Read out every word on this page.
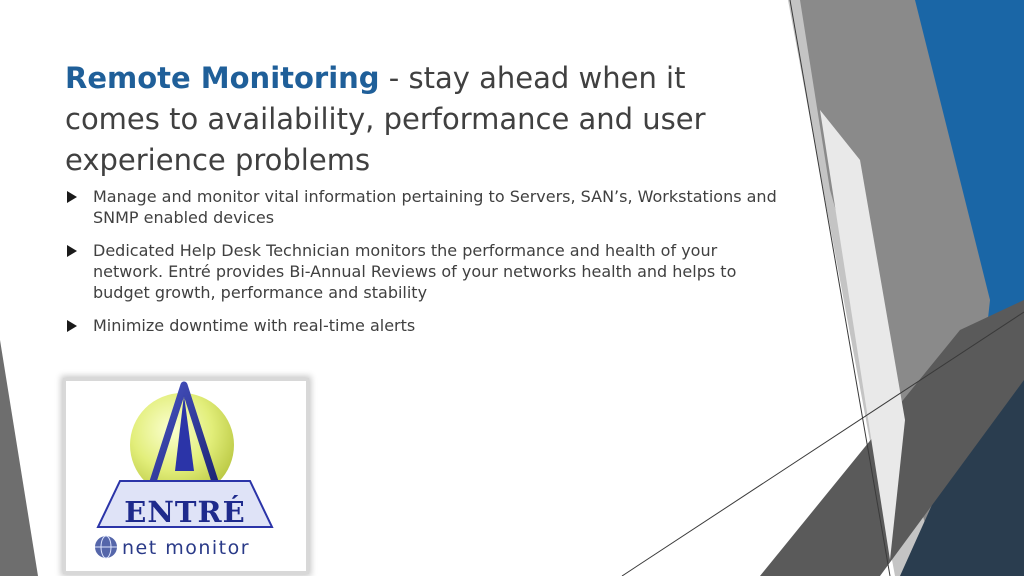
Remote Monitoring - stay ahead when it comes to availability, performance and user experience problems
Manage and monitor vital information pertaining to Servers, SAN’s, Workstations and SNMP enabled devices
Dedicated Help Desk Technician monitors the performance and health of your network. Entré provides Bi-Annual Reviews of your networks health and helps to budget growth, performance and stability
Minimize downtime with real-time alerts
ENTRÉ
net monitor
